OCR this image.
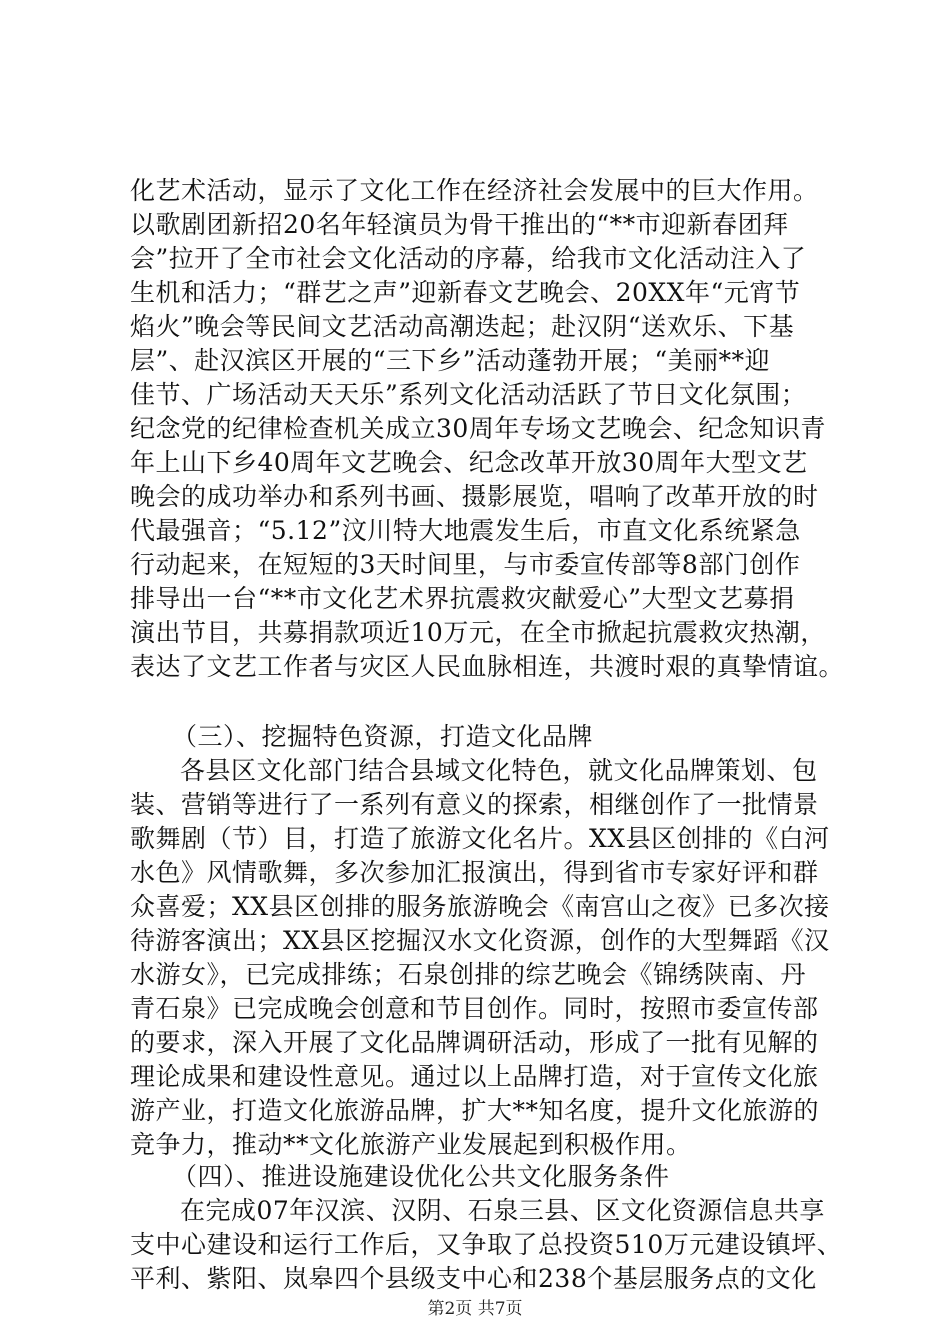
化艺术活动，显示了文化工作在经济社会发展中的巨大作用。
以歌剧团新招20名年轻演员为骨干推出的“**市迎新春团拜
会”拉开了全市社会文化活动的序幕，给我市文化活动注入了
生机和活力；“群艺之声”迎新春文艺晚会、20XX年“元宵节
焰火”晚会等民间文艺活动高潮迭起；赴汉阴“送欢乐、下基
层”、赴汉滨区开展的“三下乡”活动蓬勃开展；“美丽**迎
佳节、广场活动天天乐”系列文化活动活跃了节日文化氛围；
纪念党的纪律检查机关成立30周年专场文艺晚会、纪念知识青
年上山下乡40周年文艺晚会、纪念改革开放30周年大型文艺
晚会的成功举办和系列书画、摄影展览，唱响了改革开放的时
代最强音；“5.12”汶川特大地震发生后，市直文化系统紧急
行动起来，在短短的3天时间里，与市委宣传部等8部门创作
排导出一台“**市文化艺术界抗震救灾献爱心”大型文艺募捐
演出节目，共募捐款项近10万元，在全市掀起抗震救灾热潮，
表达了文艺工作者与灾区人民血脉相连，共渡时艰的真挚情谊。
（三）、挖掘特色资源，打造文化品牌
各县区文化部门结合县域文化特色，就文化品牌策划、包
装、营销等进行了一系列有意义的探索，相继创作了一批情景
歌舞剧（节）目，打造了旅游文化名片。XX县区创排的《白河
水色》风情歌舞，多次参加汇报演出，得到省市专家好评和群
众喜爱；XX县区创排的服务旅游晚会《南宫山之夜》已多次接
待游客演出；XX县区挖掘汉水文化资源，创作的大型舞蹈《汉
水游女》，已完成排练；石泉创排的综艺晚会《锦绣陕南、丹
青石泉》已完成晚会创意和节目创作。同时，按照市委宣传部
的要求，深入开展了文化品牌调研活动，形成了一批有见解的
理论成果和建设性意见。通过以上品牌打造，对于宣传文化旅
游产业，打造文化旅游品牌，扩大**知名度，提升文化旅游的
竞争力，推动**文化旅游产业发展起到积极作用。
（四）、推进设施建设优化公共文化服务条件
在完成07年汉滨、汉阴、石泉三县、区文化资源信息共享
支中心建设和运行工作后，又争取了总投资510万元建设镇坪、
平利、紫阳、岚皋四个县级支中心和238个基层服务点的文化
第2页 共7页
